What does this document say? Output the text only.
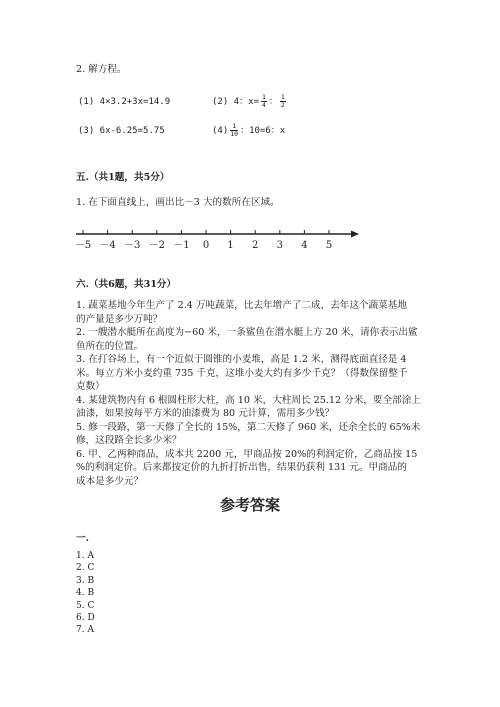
2. 解方程。
(1) 4×3.2+3x=14.9	(2) 4：$x= \frac{1}{4}$ ： $\frac{1}{2}$
(3) 6x-6.25=5.75	$(4) \frac{1}{10}$ ：10=6：x
五.（共1题，共5分）
1. 在下面直线上，画出比－3 大的数所在区域。
－5 －4 －3 －2 －1 0 1 2 3 4 5
六.（共6题，共31分）
1. 蔬菜基地今年生产了 2.4 万吨蔬菜，比去年增产了二成，去年这个蔬菜基地
的产量是多少万吨？
2. 一艘潜水艇所在高度为−60 米，一条鲨鱼在潜水艇上方 20 米，请你表示出鲨
鱼所在的位置。
3. 在打谷场上，有一个近似于圆锥的小麦堆，高是 1.2 米，测得底面直径是 4
米。每立方米小麦约重 735 千克，这堆小麦大约有多少千克？（得数保留整千
克数）
4. 某建筑物内有 6 根圆柱形大柱，高 10 米，大柱周长 25.12 分米，要全部涂上
油漆，如果按每平方米的油漆费为 80 元计算，需用多少钱？
5. 修一段路，第一天修了全长的 15%，第二天修了 960 米，还余全长的 65%未
修，这段路全长多少米？
6. 甲、乙两种商品，成本共 2200 元，甲商品按 20%的利润定价，乙商品按 15
%的利润定价。后来都按定价的九折打折出售，结果仍获利 131 元。甲商品的
成本是多少元？
参考答案
一.
1. A
2. C
3. B
4. B
5. C
6. D
7. A
